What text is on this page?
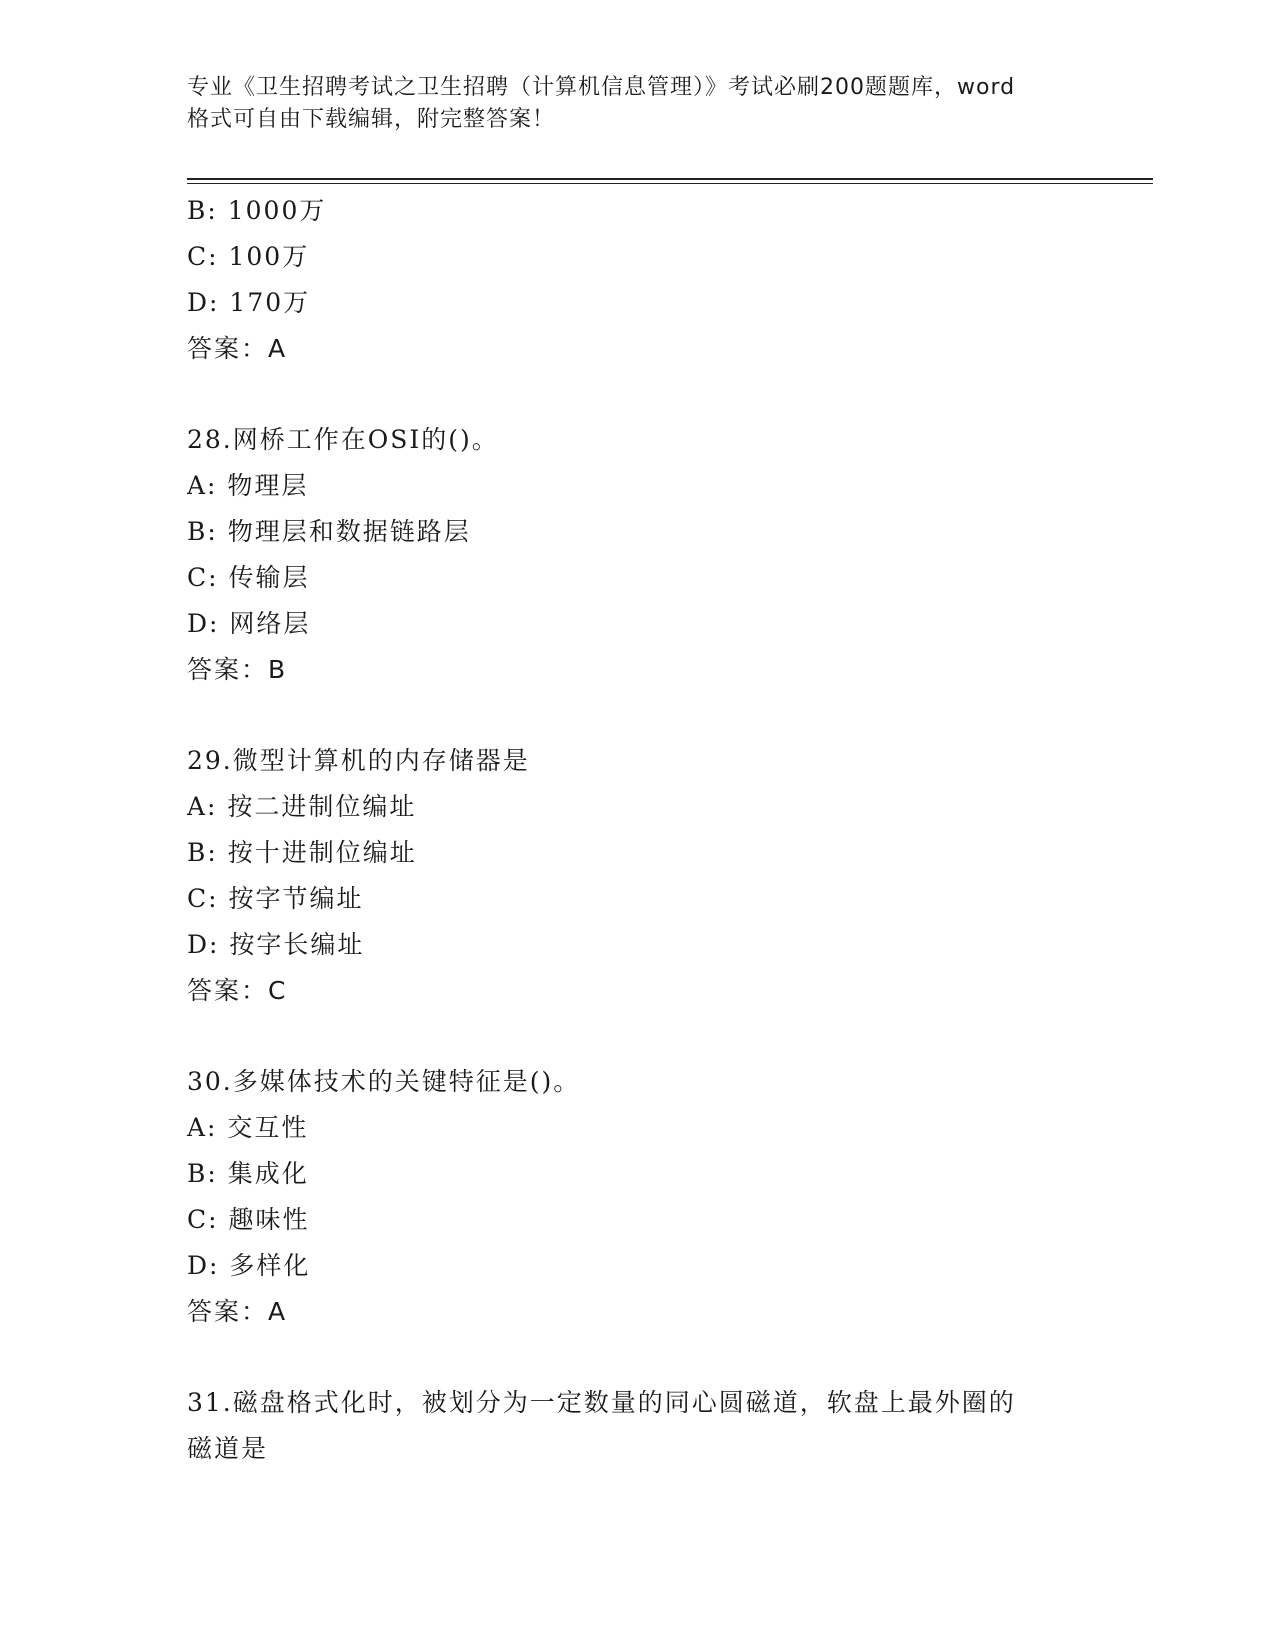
专业《卫生招聘考试之卫生招聘（计算机信息管理）》考试必刷200题题库，word
格式可自由下载编辑，附完整答案！
B: 1000万
C: 100万
D: 170万
答案：A
28.网桥工作在OSI的()。
A: 物理层
B: 物理层和数据链路层
C: 传输层
D: 网络层
答案：B
29.微型计算机的内存储器是
A: 按二进制位编址
B: 按十进制位编址
C: 按字节编址
D: 按字长编址
答案：C
30.多媒体技术的关键特征是()。
A: 交互性
B: 集成化
C: 趣味性
D: 多样化
答案：A
31.磁盘格式化时，被划分为一定数量的同心圆磁道，软盘上最外圈的
磁道是
